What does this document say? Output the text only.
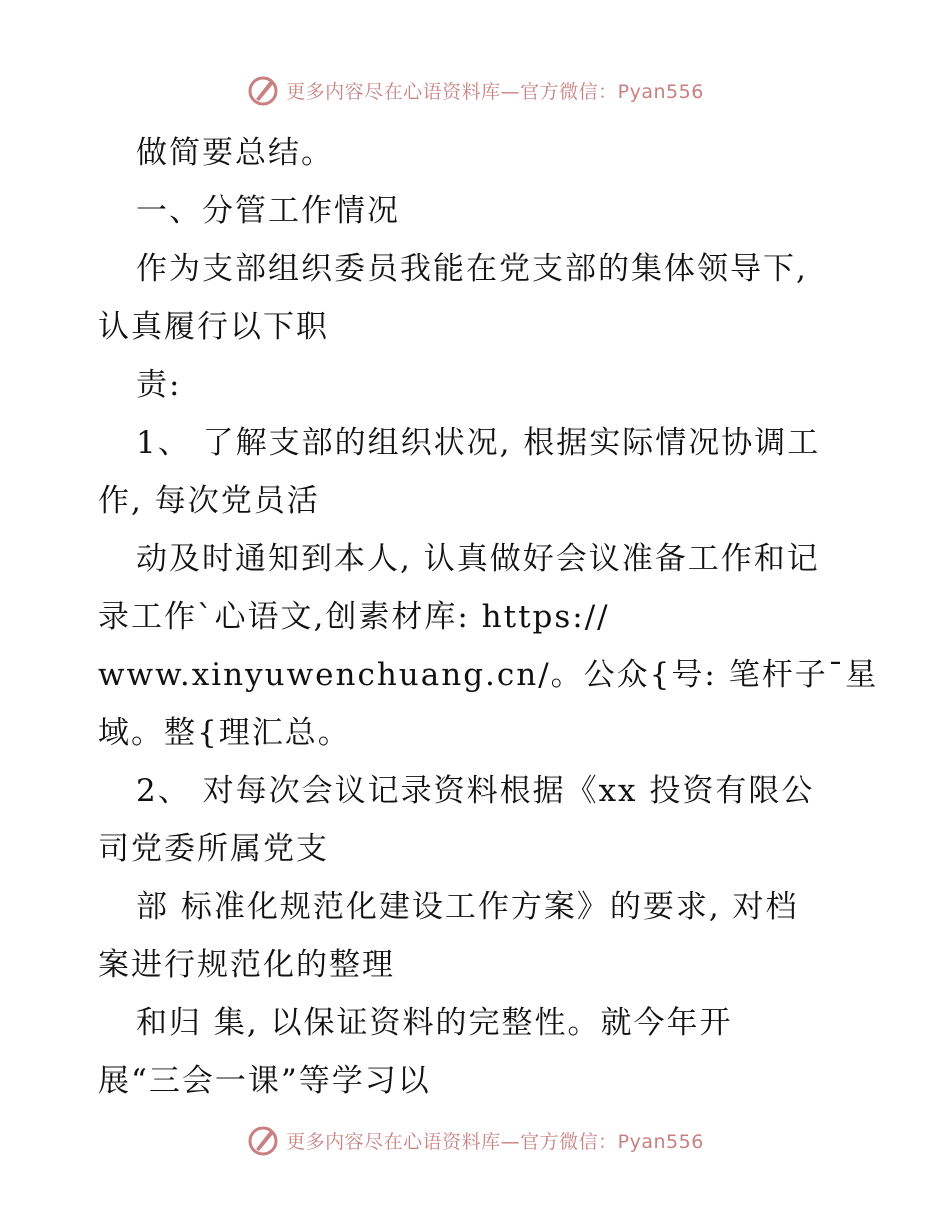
更多内容尽在心语资料库—官方微信：Pyan556
做简要总结。
一、分管工作情况
作为支部组织委员我能在党支部的集体领导下,
认真履行以下职
责:
1、 了解支部的组织状况, 根据实际情况协调工
作, 每次党员活
动及时通知到本人, 认真做好会议准备工作和记
录工作`心语文,创素材库: https://
www.xinyuwenchuang.cn/。公众{号: 笔杆子¯星
域。整{理汇总。
2、 对每次会议记录资料根据《xx 投资有限公
司党委所属党支
部 标准化规范化建设工作方案》的要求, 对档
案进行规范化的整理
和归 集, 以保证资料的完整性。就今年开
展“三会一课”等学习以
更多内容尽在心语资料库—官方微信：Pyan556
